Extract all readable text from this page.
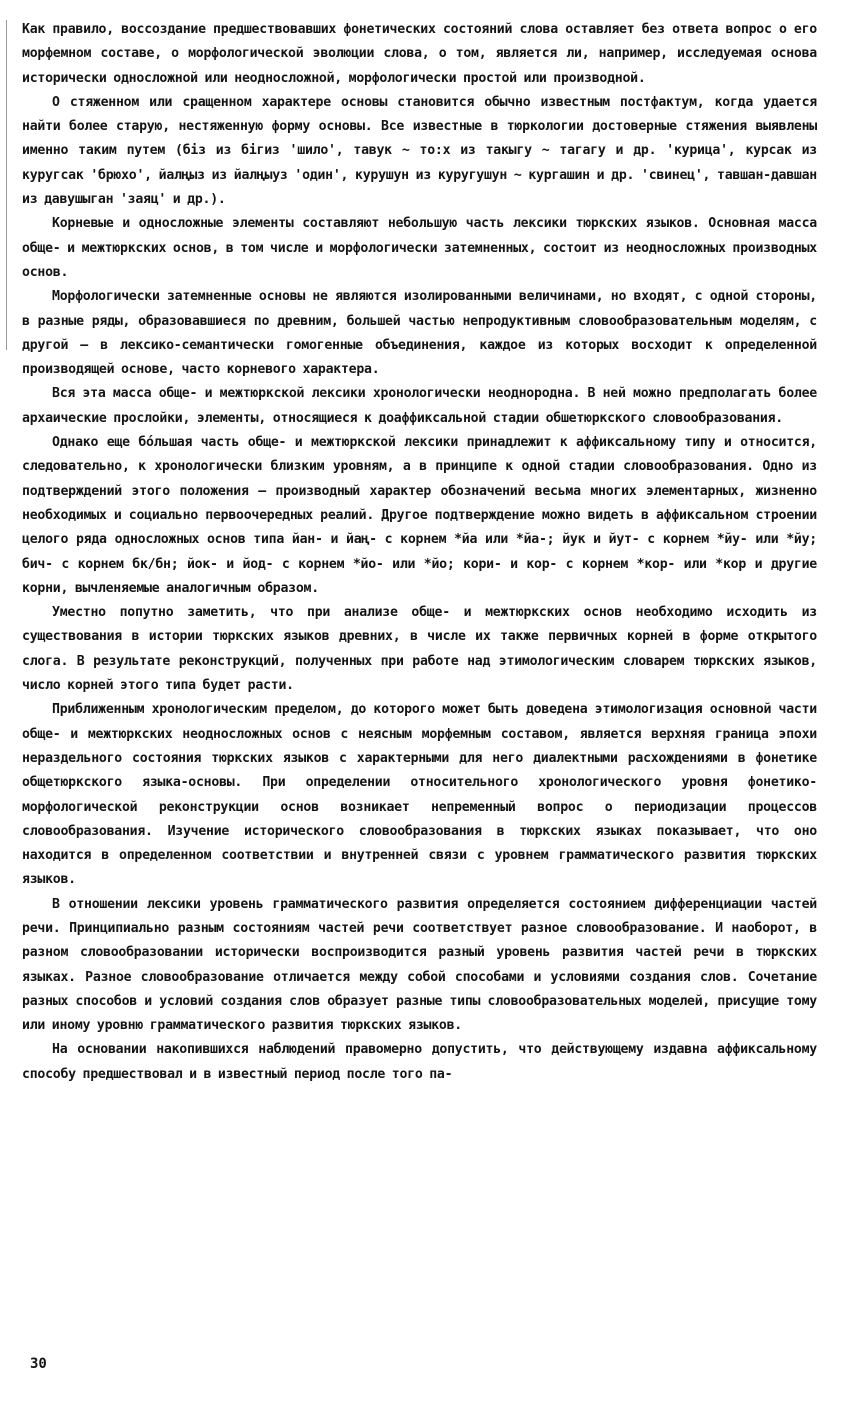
Как правило, воссоздание предшествовавших фонетических состояний слова оставляет без ответа вопрос о его морфемном составе, о морфологической эволюции слова, о том, является ли, например, исследуемая основа исторически односложной или неодносложной, морфологически простой или производной.

О стяженном или сращенном характере основы становится обычно известным постфактум, когда удается найти более старую, нестяженную форму основы. Все известные в тюркологии достоверные стяжения выявлены именно таким путем (біз из бігиз 'шило', тавук ~ то:х из такыгу ~ тагагу и др. 'курица', курсак из куругсак 'брюхо', йалңыз из йалңыуз 'один', курушун из куругушун ~ кургашин и др. 'свинец', тавшан-давшан из давушыган 'заяц' и др.).

Корневые и односложные элементы составляют небольшую часть лексики тюркских языков. Основная масса обще- и межтюркских основ, в том числе и морфологически затемненных, состоит из неодносложных производных основ.

Морфологически затемненные основы не являются изолированными величинами, но входят, с одной стороны, в разные ряды, образовавшиеся по древним, большей частью непродуктивным словообразовательным моделям, с другой – в лексико-семантически гомогенные объединения, каждое из которых восходит к определенной производящей основе, часто корневого характера.

Вся эта масса обще- и межтюркской лексики хронологически неоднородна. В ней можно предполагать более архаические прослойки, элементы, относящиеся к доаффиксальной стадии обшетюркского словообразования.

Однако еще бо́льшая часть обще- и межтюркской лексики принадлежит к аффиксальному типу и относится, следовательно, к хронологически близким уровням, а в принципе к одной стадии словообразования. Одно из подтверждений этого положения – производный характер обозначений весьма многих элементарных, жизненно необходимых и социально первоочередных реалий. Другое подтверждение можно видеть в аффиксальном строении целого ряда односложных основ типа йан- и йаң- с корнем *йа или *йа-; йук и йут- с корнем *йу- или *йу; бич- с корнем бк/бн; йок- и йод- с корнем *йо- или *йо; кори- и кор- с корнем *кор- или *кор и другие корни, вычленяемые аналогичным образом.

Уместно попутно заметить, что при анализе обще- и межтюркских основ необходимо исходить из существования в истории тюркских языков древних, в числе их также первичных корней в форме открытого слога. В результате реконструкций, полученных при работе над этимологическим словарем тюркских языков, число корней этого типа будет расти.

Приближенным хронологическим пределом, до которого может быть доведена этимологизация основной части обще- и межтюркских неодносложных основ с неясным морфемным составом, является верхняя граница эпохи нераздельного состояния тюркских языков с характерными для него диалектными расхождениями в фонетике общетюркского языка-основы. При определении относительного хронологического уровня фонетико-морфологической реконструкции основ возникает непременный вопрос о периодизации процессов словообразования. Изучение исторического словообразования в тюркских языках показывает, что оно находится в определенном соответствии и внутренней связи с уровнем грамматического развития тюркских языков.

В отношении лексики уровень грамматического развития определяется состоянием дифференциации частей речи. Принципиально разным состояниям частей речи соответствует разное словообразование. И наоборот, в разном словообразовании исторически воспроизводится разный уровень развития частей речи в тюркских языках. Разное словообразование отличается между собой способами и условиями создания слов. Сочетание разных способов и условий создания слов образует разные типы словообразовательных моделей, присущие тому или иному уровню грамматического развития тюркских языков.

На основании накопившихся наблюдений правомерно допустить, что действующему издавна аффиксальному способу предшествовал и в известный период после того па-

30
